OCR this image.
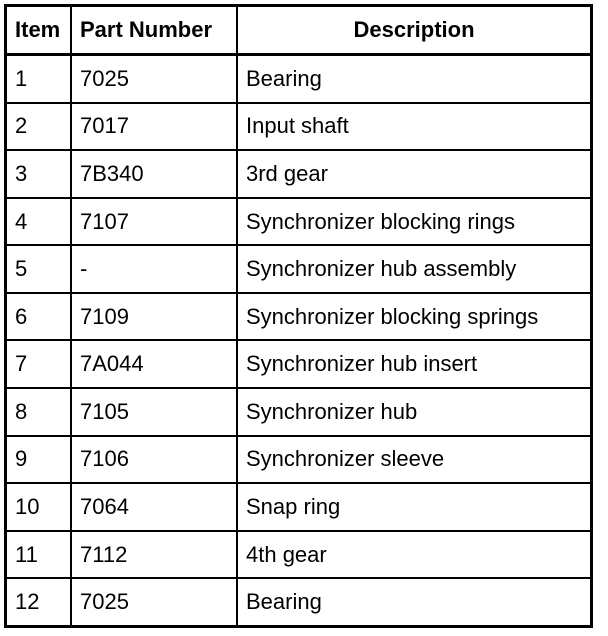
Item	Part Number	Description
1	7025	Bearing
2	7017	Input shaft
3	7B340	3rd gear
4	7107	Synchronizer blocking rings
5	-	Synchronizer hub assembly
6	7109	Synchronizer blocking springs
7	7A044	Synchronizer hub insert
8	7105	Synchronizer hub
9	7106	Synchronizer sleeve
10	7064	Snap ring
11	7112	4th gear
12	7025	Bearing
